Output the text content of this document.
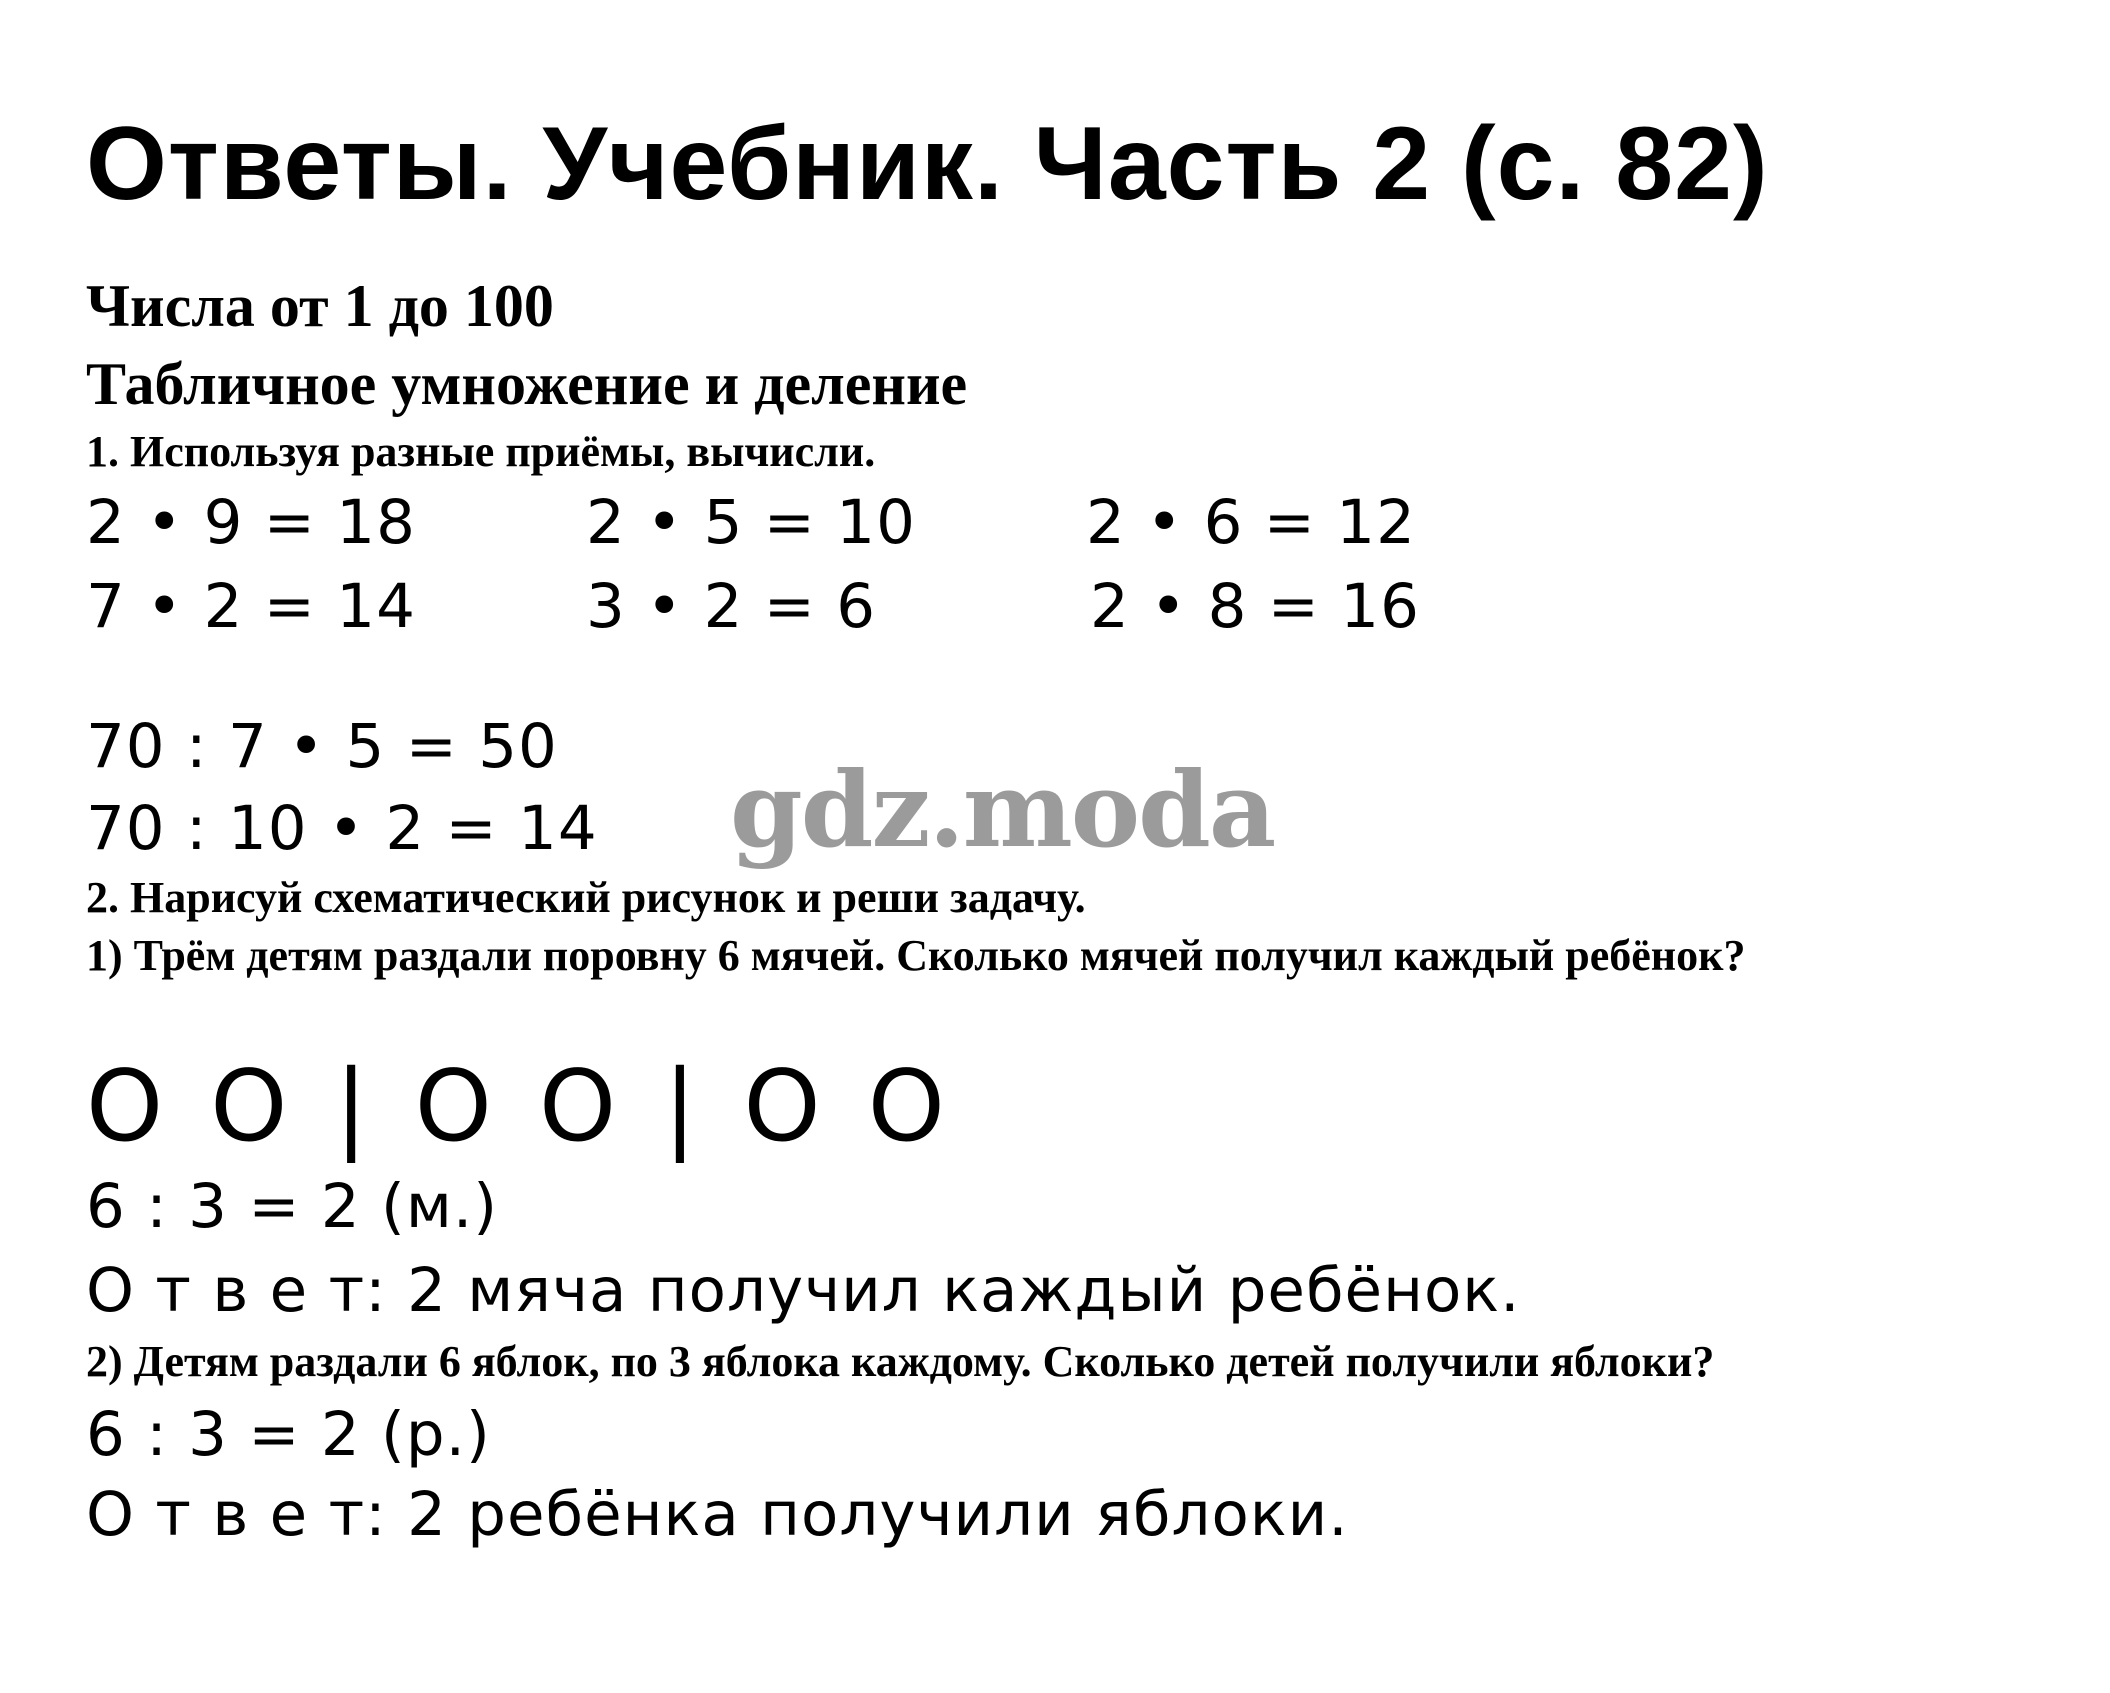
Ответы. Учебник. Часть 2 (с. 82)
Числа от 1 до 100
Табличное умножение и деление
1. Используя разные приёмы, вычисли.
2 • 9 = 18	2 • 5 = 10	2 • 6 = 12
7 • 2 = 14	3 • 2 = 6	2 • 8 = 16
70 : 7 • 5 = 50
70 : 10 • 2 = 14 gdz.moda
2. Нарисуй схематический рисунок и реши задачу.
1) Трём детям раздали поровну 6 мячей. Сколько мячей получил каждый ребёнок?
O O | O O | O O
6 : 3 = 2 (м.)
О т в е т: 2 мяча получил каждый ребёнок.
2) Детям раздали 6 яблок, по 3 яблока каждому. Сколько детей получили яблоки?
6 : 3 = 2 (р.)
О т в е т: 2 ребёнка получили яблоки.
